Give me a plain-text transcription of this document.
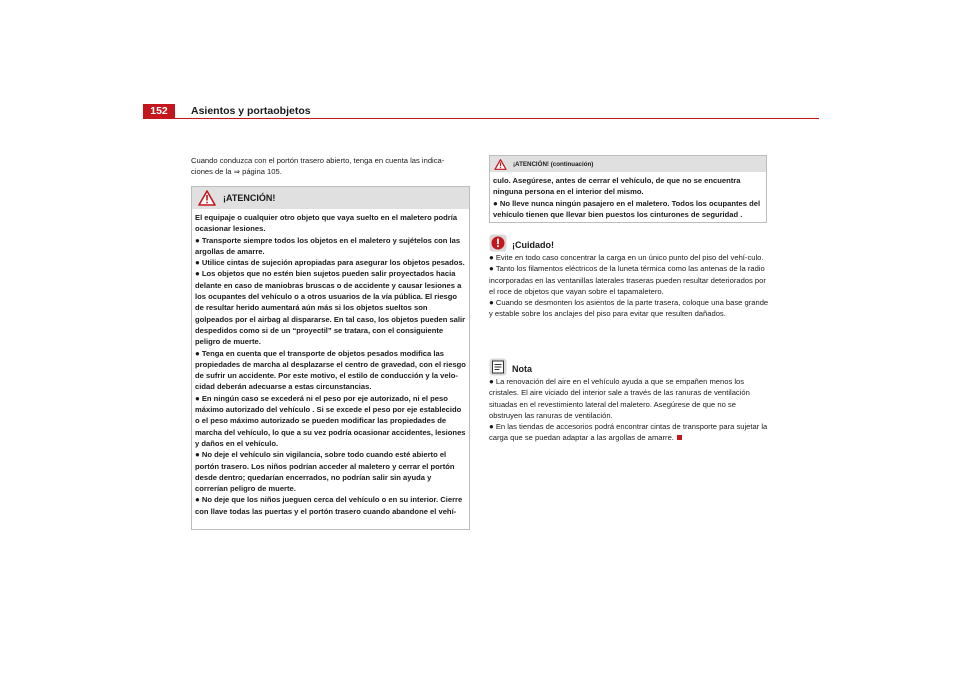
152	Asientos y portaobjetos
Cuando conduzca con el portón trasero abierto, tenga en cuenta las indica-
ciones de la ⇒ página 105.
¡ATENCIÓN!

El equipaje o cualquier otro objeto que vaya suelto en el maletero podría ocasionar lesiones.

● Transporte siempre todos los objetos en el maletero y sujételos con las argollas de amarre.

● Utilice cintas de sujeción apropiadas para asegurar los objetos pesados.

● Los objetos que no estén bien sujetos pueden salir proyectados hacia delante en caso de maniobras bruscas o de accidente y causar lesiones a los ocupantes del vehículo o a otros usuarios de la vía pública. El riesgo de resultar herido aumentará aún más si los objetos sueltos son golpeados por el airbag al dispararse. En tal caso, los objetos pueden salir despedidos como si de un “proyectil” se tratara, con el consiguiente peligro de muerte.

● Tenga en cuenta que el transporte de objetos pesados modifica las propiedades de marcha al desplazarse el centro de gravedad, con el riesgo de sufrir un accidente. Por este motivo, el estilo de conducción y la velo-cidad deberán adecuarse a estas circunstancias.

● En ningún caso se excederá ni el peso por eje autorizado, ni el peso máximo autorizado del vehículo . Si se excede el peso por eje establecido o el peso máximo autorizado se pueden modificar las propiedades de marcha del vehículo, lo que a su vez podría ocasionar accidentes, lesiones y daños en el vehículo.

● No deje el vehículo sin vigilancia, sobre todo cuando esté abierto el portón trasero. Los niños podrían acceder al maletero y cerrar el portón desde dentro; quedarían encerrados, no podrían salir sin ayuda y correrían peligro de muerte.

● No deje que los niños jueguen cerca del vehículo o en su interior. Cierre con llave todas las puertas y el portón trasero cuando abandone el vehí-

¡ATENCIÓN! (continuación)

culo. Asegúrese, antes de cerrar el vehículo, de que no se encuentra ninguna persona en el interior del mismo.

● No lleve nunca ningún pasajero en el maletero. Todos los ocupantes del vehículo tienen que llevar bien puestos los cinturones de seguridad .

¡Cuidado!

● Evite en todo caso concentrar la carga en un único punto del piso del vehí-culo.

● Tanto los filamentos eléctricos de la luneta térmica como las antenas de la radio incorporadas en las ventanillas laterales traseras pueden resultar deteriorados por el roce de objetos que vayan sobre el tapamaletero.

● Cuando se desmonten los asientos de la parte trasera, coloque una base grande y estable sobre los anclajes del piso para evitar que resulten dañados.

Nota

● La renovación del aire en el vehículo ayuda a que se empañen menos los cristales. El aire viciado del interior sale a través de las ranuras de ventilación situadas en el revestimiento lateral del maletero. Asegúrese de que no se obstruyen las ranuras de ventilación.

● En las tiendas de accesorios podrá encontrar cintas de transporte para sujetar la carga que se puedan adaptar a las argollas de amarre.
